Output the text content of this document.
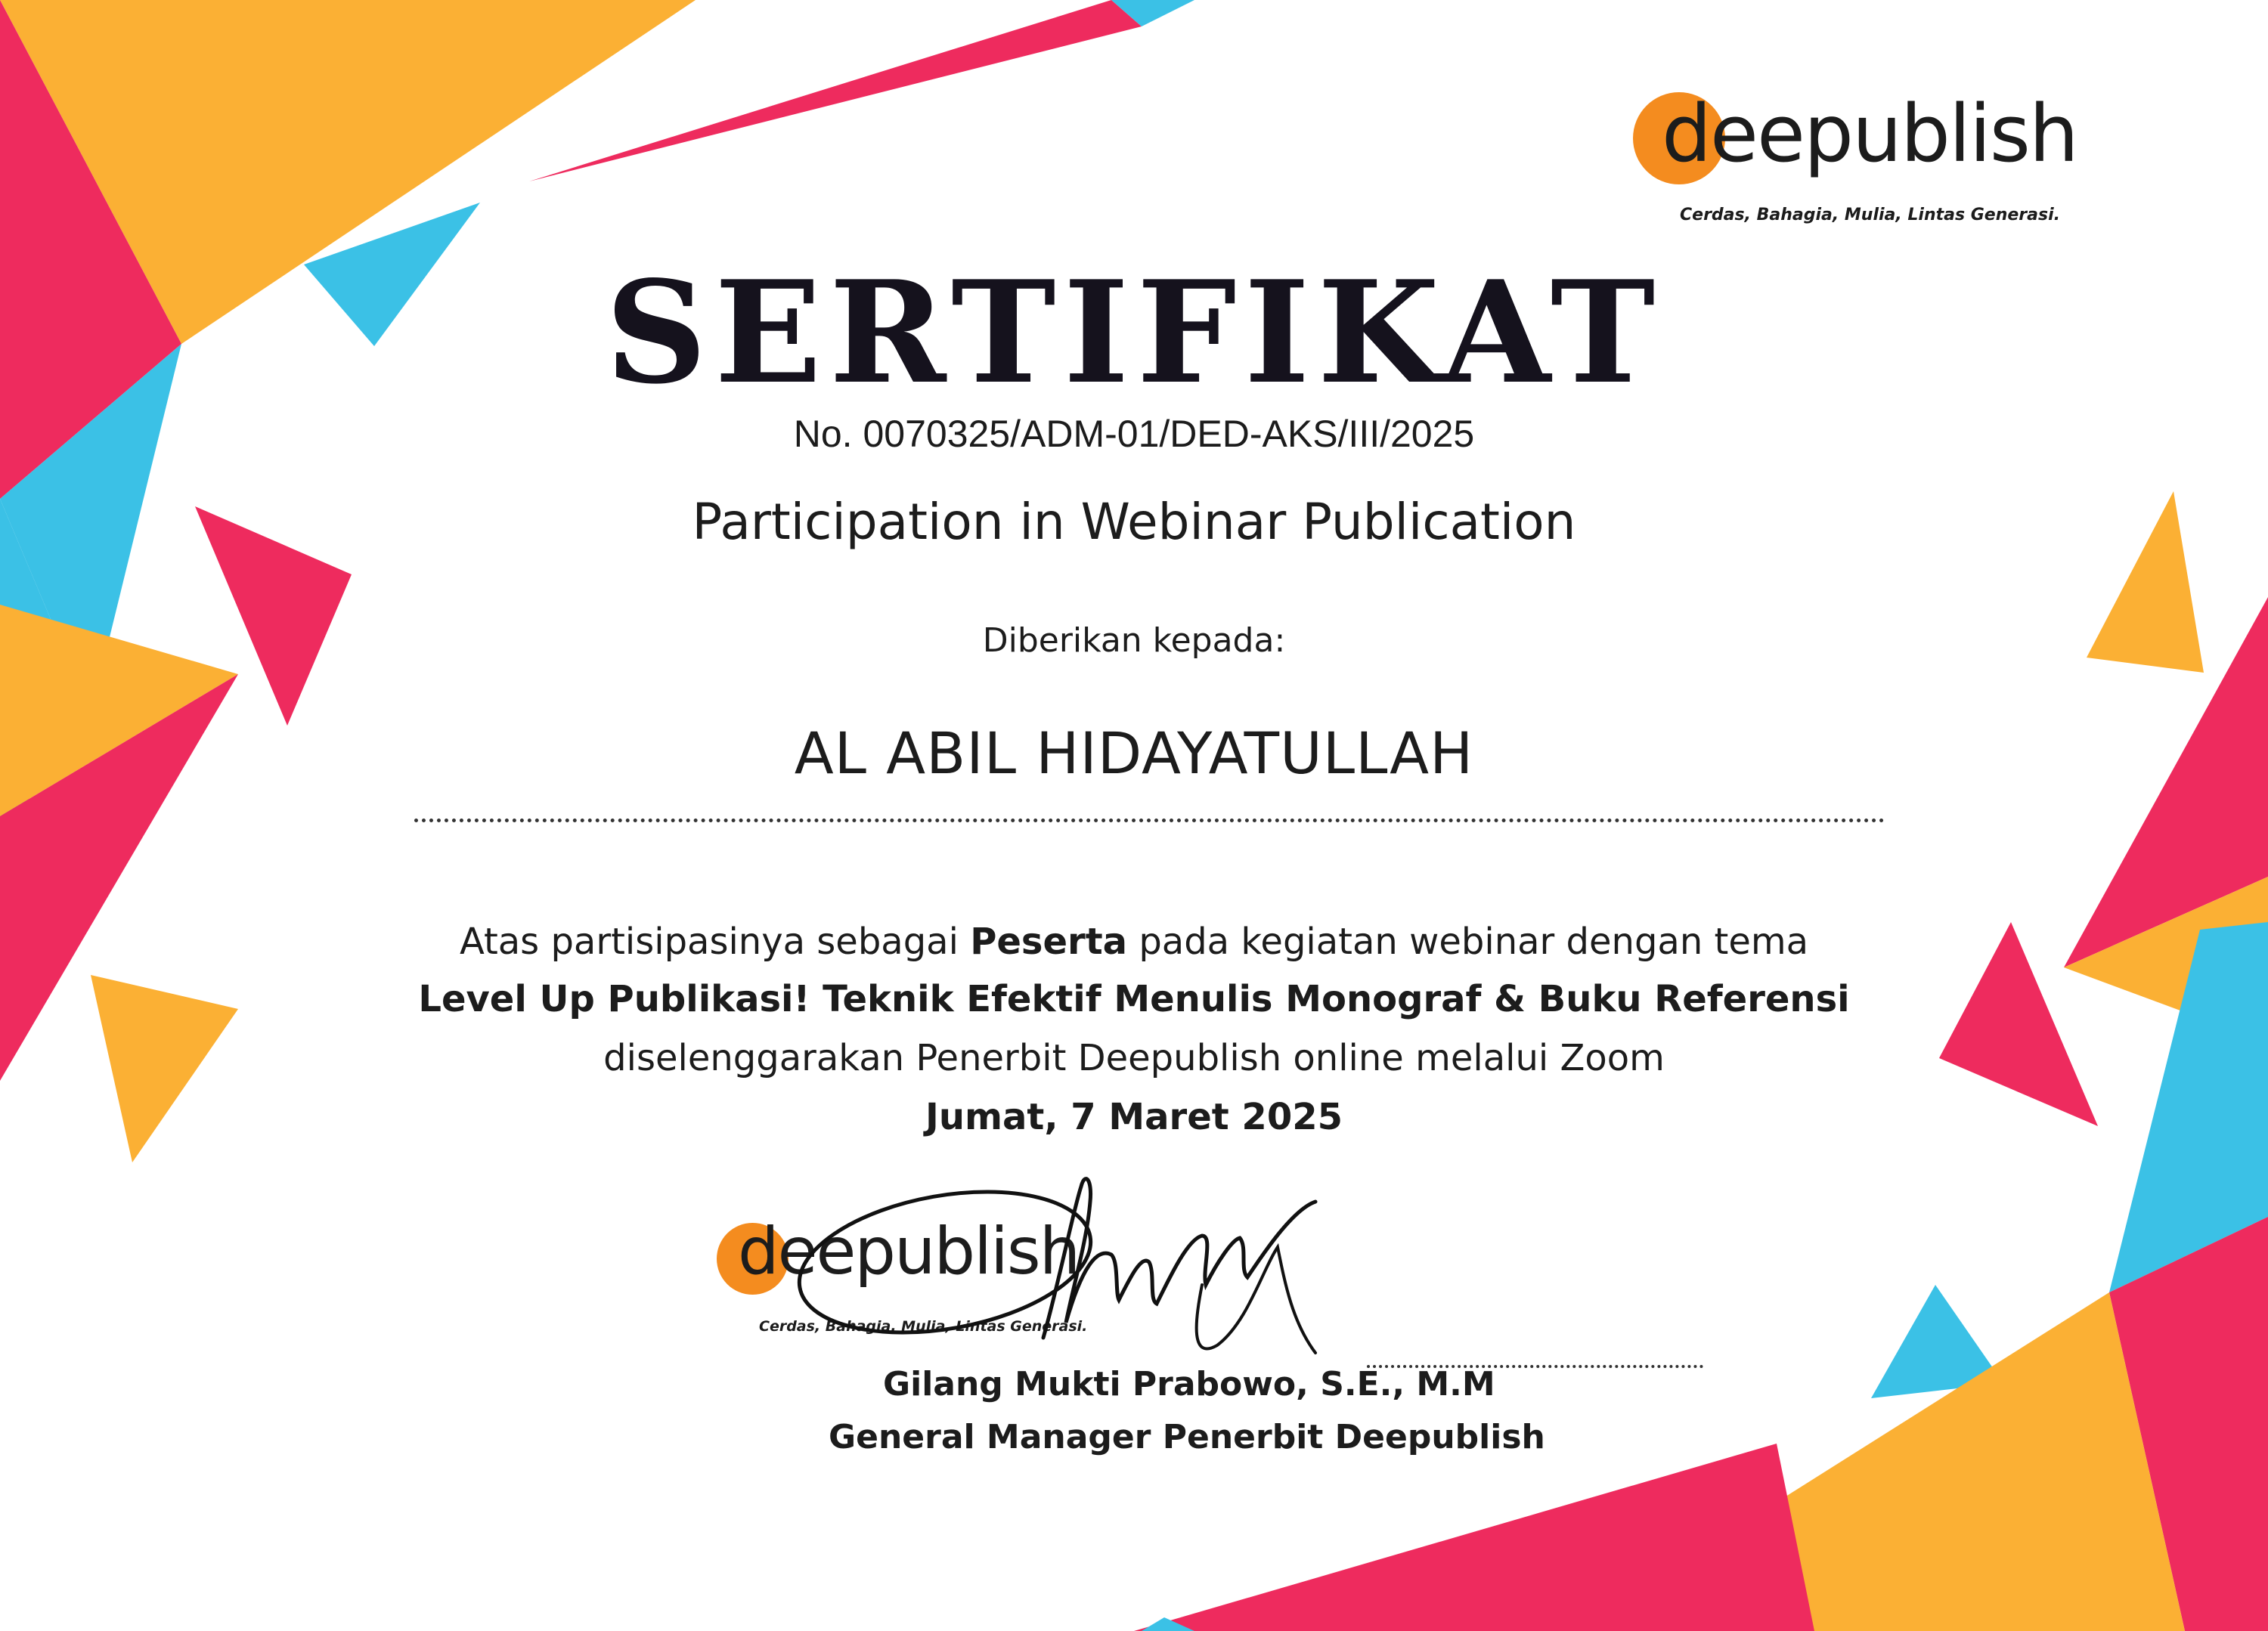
deepublish
Cerdas, Bahagia, Mulia, Lintas Generasi.
SERTIFIKAT
No. 0070325/ADM-01/DED-AKS/III/2025
Participation in Webinar Publication
Diberikan kepada:
AL ABIL HIDAYATULLAH
Atas partisipasinya sebagai Peserta pada kegiatan webinar dengan tema
Level Up Publikasi! Teknik Efektif Menulis Monograf & Buku Referensi
diselenggarakan Penerbit Deepublish online melalui Zoom
Jumat, 7 Maret 2025
deepublish
Cerdas, Bahagia, Mulia, Lintas Generasi.
Gilang Mukti Prabowo, S.E., M.M
General Manager Penerbit Deepublish
